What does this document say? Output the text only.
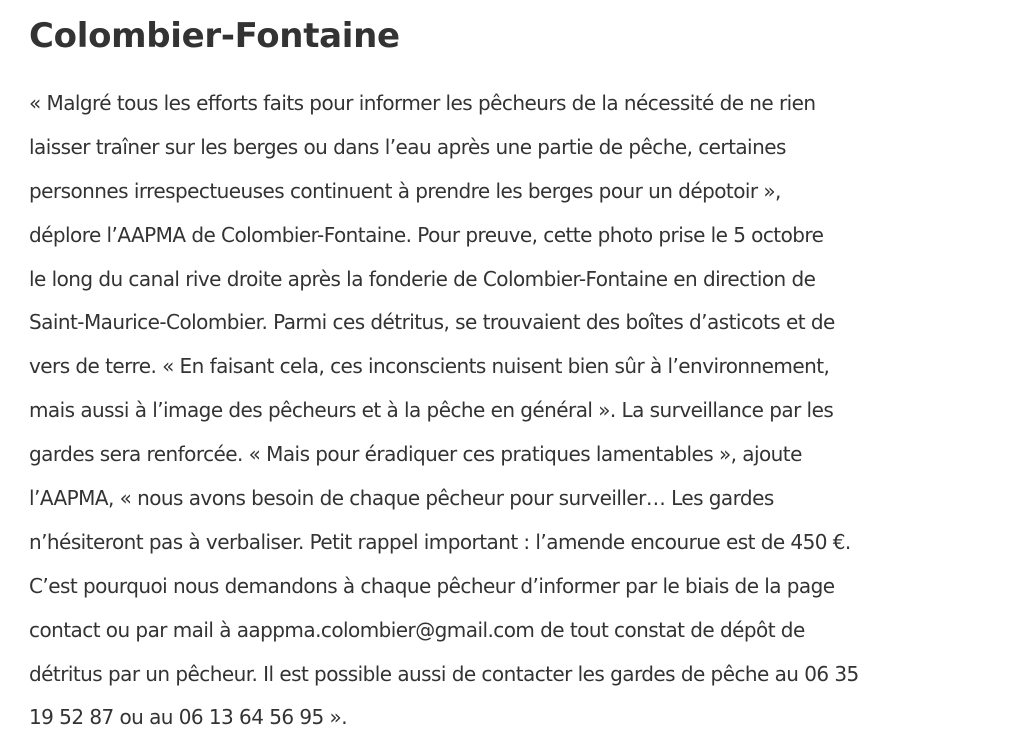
Colombier-Fontaine
« Malgré tous les efforts faits pour informer les pêcheurs de la nécessité de ne rien
laisser traîner sur les berges ou dans l’eau après une partie de pêche, certaines
personnes irrespectueuses continuent à prendre les berges pour un dépotoir »,
déplore l’AAPMA de Colombier-Fontaine. Pour preuve, cette photo prise le 5 octobre
le long du canal rive droite après la fonderie de Colombier-Fontaine en direction de
Saint-Maurice-Colombier. Parmi ces détritus, se trouvaient des boîtes d’asticots et de
vers de terre. « En faisant cela, ces inconscients nuisent bien sûr à l’environnement,
mais aussi à l’image des pêcheurs et à la pêche en général ». La surveillance par les
gardes sera renforcée. « Mais pour éradiquer ces pratiques lamentables », ajoute
l’AAPMA, « nous avons besoin de chaque pêcheur pour surveiller… Les gardes
n’hésiteront pas à verbaliser. Petit rappel important : l’amende encourue est de 450 €.
C’est pourquoi nous demandons à chaque pêcheur d’informer par le biais de la page
contact ou par mail à aappma.colombier@gmail.com de tout constat de dépôt de
détritus par un pêcheur. Il est possible aussi de contacter les gardes de pêche au 06 35
19 52 87 ou au 06 13 64 56 95 ».
